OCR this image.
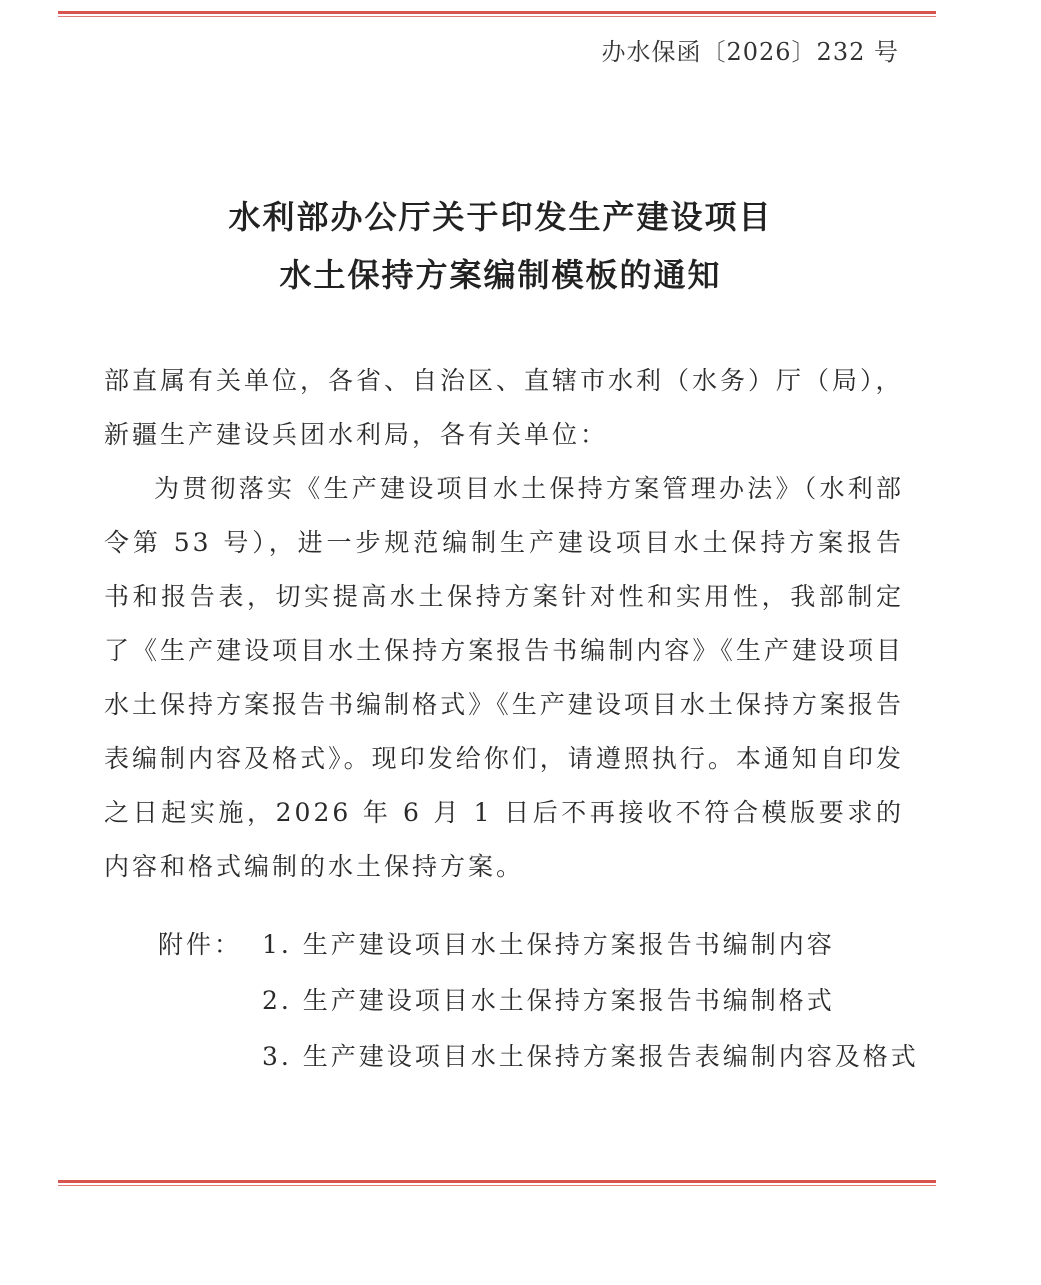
办水保函〔2026〕232 号
水利部办公厅关于印发生产建设项目
水土保持方案编制模板的通知
部直属有关单位，各省、自治区、直辖市水利（水务）厅（局），新疆生产建设兵团水利局，各有关单位：
为贯彻落实《生产建设项目水土保持方案管理办法》（水利部令第 53 号），进一步规范编制生产建设项目水土保持方案报告书和报告表，切实提高水土保持方案针对性和实用性，我部制定了《生产建设项目水土保持方案报告书编制内容》《生产建设项目水土保持方案报告书编制格式》《生产建设项目水土保持方案报告表编制内容及格式》。现印发给你们，请遵照执行。本通知自印发之日起实施，2026 年 6 月 1 日后不再接收不符合模版要求的内容和格式编制的水土保持方案。
附件： 1. 生产建设项目水土保持方案报告书编制内容
2. 生产建设项目水土保持方案报告书编制格式
3. 生产建设项目水土保持方案报告表编制内容及格式
